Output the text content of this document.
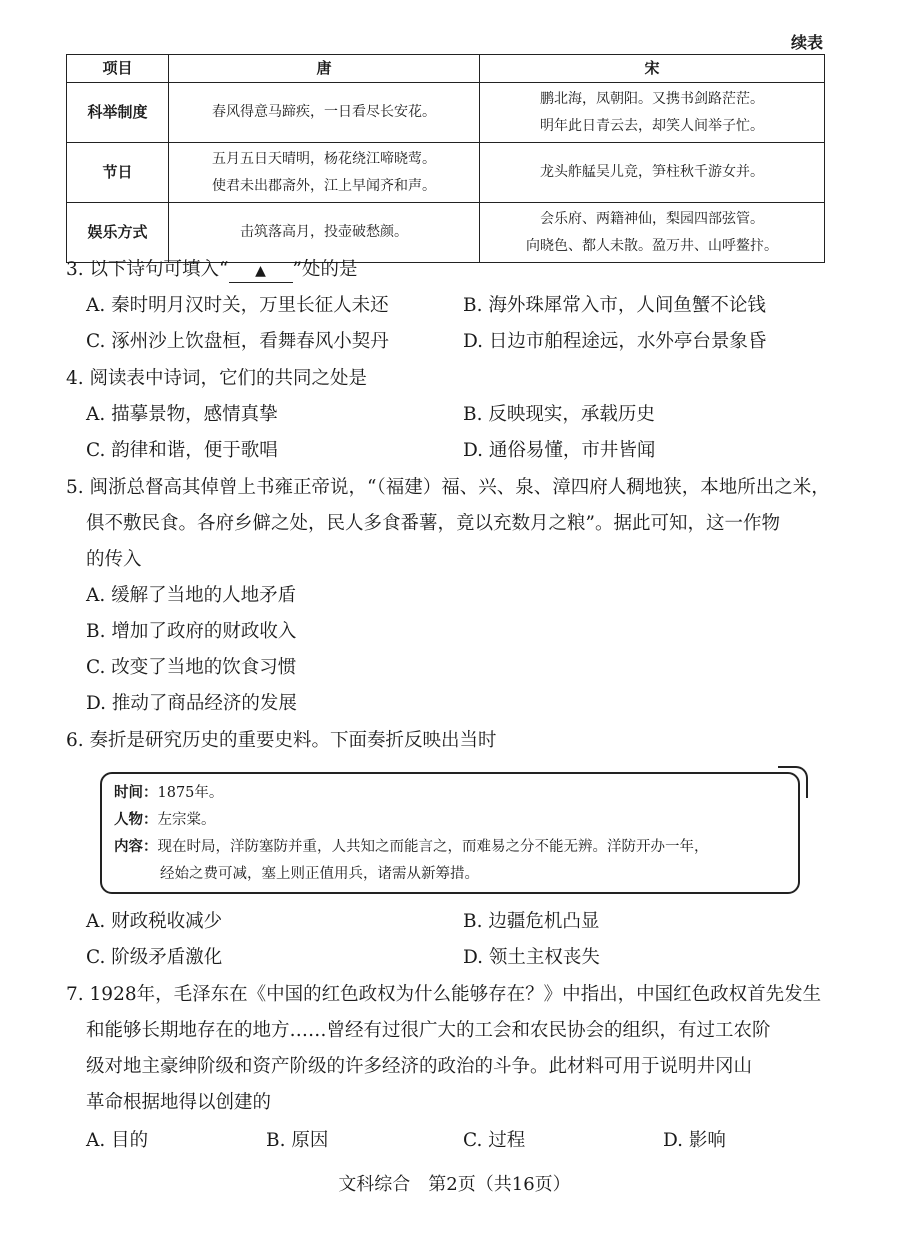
续表
项目	唐	宋
科举制度	春风得意马蹄疾，一日看尽长安花。	鹏北海，凤朝阳。又携书剑路茫茫。
明年此日青云去，却笑人间举子忙。

节日	五月五日天晴明，杨花绕江啼晓莺。
使君未出郡斋外，江上早闻齐和声。	龙头舴艋吴儿竞，笋柱秋千游女并。

娱乐方式	击筑落高月，投壶破愁颜。	会乐府、两籍神仙，梨园四部弦管。
向晓色、都人未散。盈万井、山呼鳌抃。
3. 以下诗句可填入“ ▲ ”处的是
A. 秦时明月汉时关，万里长征人未还	B. 海外珠犀常入市，人间鱼蟹不论钱
C. 涿州沙上饮盘桓，看舞春风小契丹	D. 日边市舶程途远，水外亭台景象昏
4. 阅读表中诗词，它们的共同之处是
A. 描摹景物，感情真挚	B. 反映现实，承载历史
C. 韵律和谐，便于歌唱	D. 通俗易懂，市井皆闻
5. 闽浙总督高其倬曾上书雍正帝说，“（福建）福、兴、泉、漳四府人稠地狭，本地所出之米，
俱不敷民食。各府乡僻之处，民人多食番薯，竟以充数月之粮”。据此可知，这一作物
的传入
A. 缓解了当地的人地矛盾
B. 增加了政府的财政收入
C. 改变了当地的饮食习惯
D. 推动了商品经济的发展
6. 奏折是研究历史的重要史料。下面奏折反映出当时
时间：1875年。
人物：左宗棠。
内容：现在时局，洋防塞防并重，人共知之而能言之，而难易之分不能无辨。洋防开办一年，
经始之费可减，塞上则正值用兵，诸需从新筹措。
A. 财政税收减少	B. 边疆危机凸显
C. 阶级矛盾激化	D. 领土主权丧失
7. 1928年，毛泽东在《中国的红色政权为什么能够存在？》中指出，中国红色政权首先发生
和能够长期地存在的地方……曾经有过很广大的工会和农民协会的组织，有过工农阶
级对地主豪绅阶级和资产阶级的许多经济的政治的斗争。此材料可用于说明井冈山
革命根据地得以创建的
A. 目的	B. 原因	C. 过程	D. 影响
文科综合　第2页（共16页）
